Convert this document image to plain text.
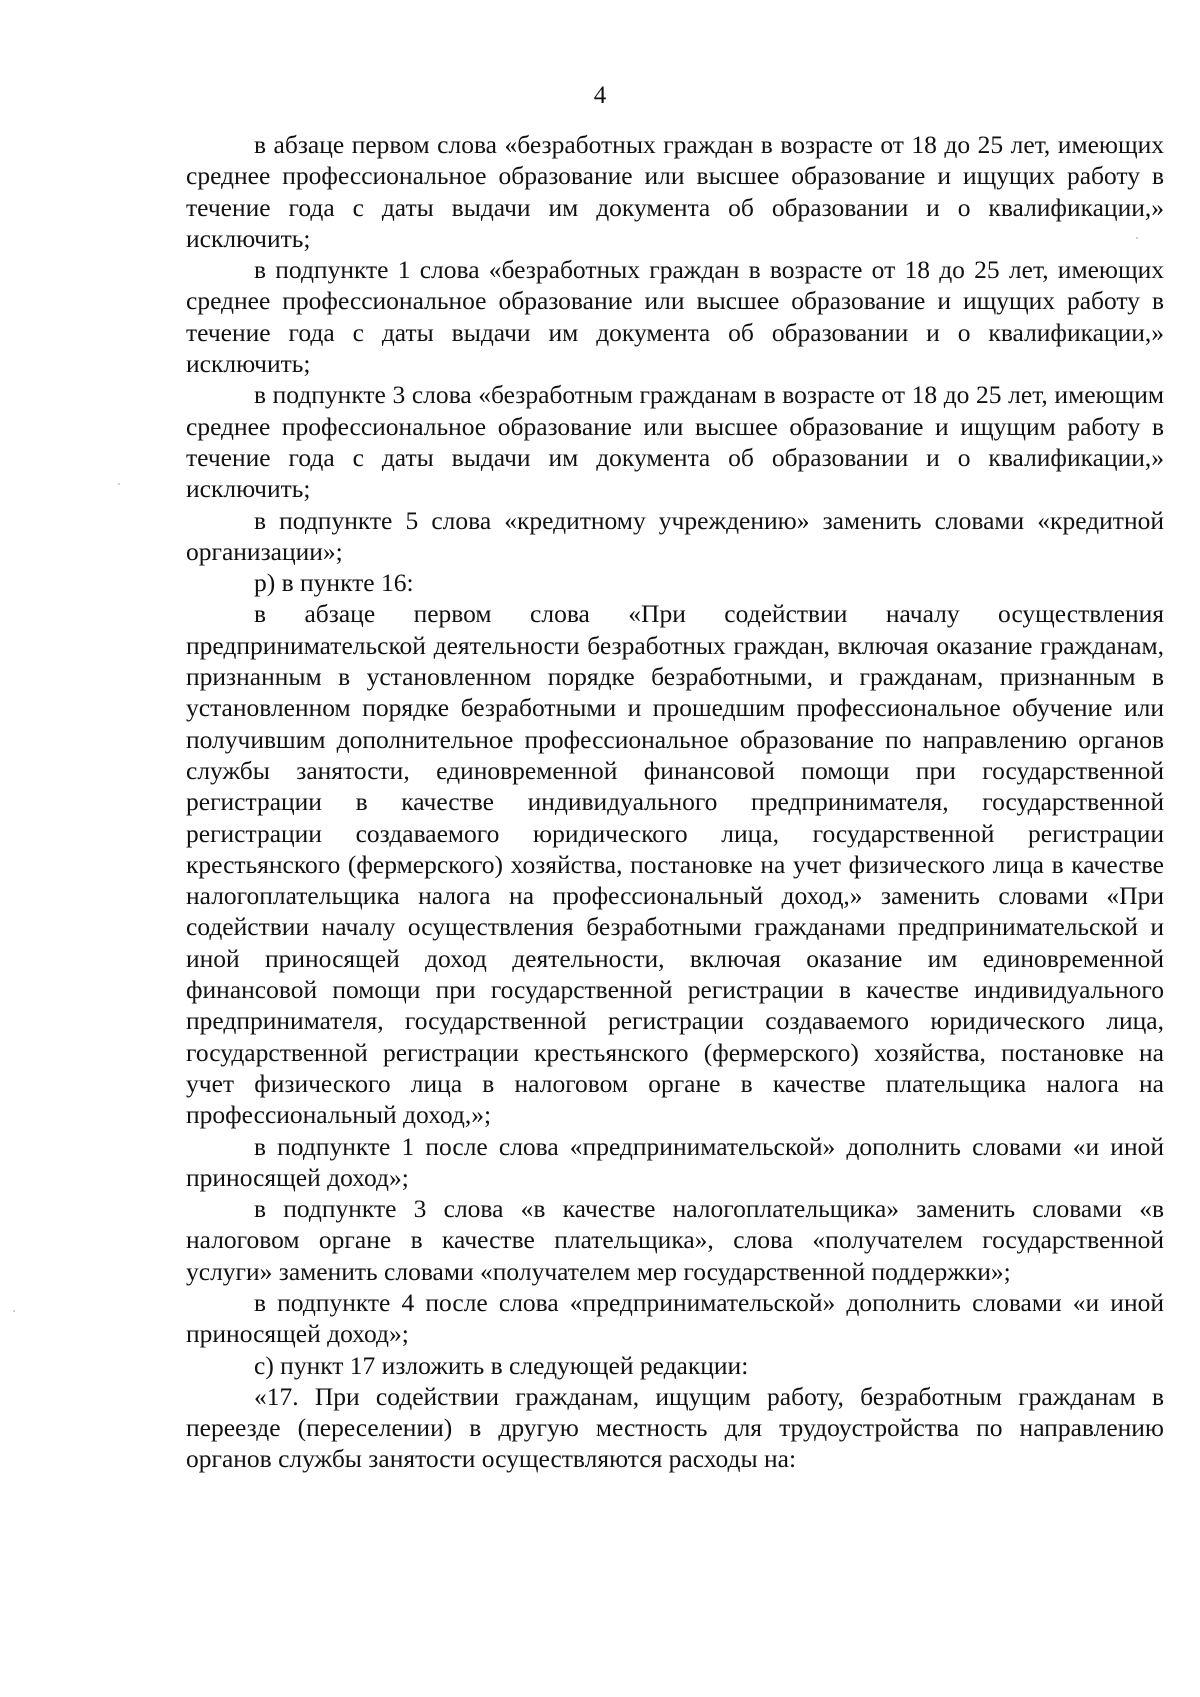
4

в абзаце первом слова «безработных граждан в возрасте от 18 до 25 лет, имеющих среднее профессиональное образование или высшее образование и ищущих работу в течение года с даты выдачи им документа об образовании и о квалификации,» исключить;

в подпункте 1 слова «безработных граждан в возрасте от 18 до 25 лет, имеющих среднее профессиональное образование или высшее образование и ищущих работу в течение года с даты выдачи им документа об образовании и о квалификации,» исключить;

в подпункте 3 слова «безработным гражданам в возрасте от 18 до 25 лет, имеющим среднее профессиональное образование или высшее образование и ищущим работу в течение года с даты выдачи им документа об образовании и о квалификации,» исключить;

в подпункте 5 слова «кредитному учреждению» заменить словами «кредитной организации»;

р) в пункте 16:

в абзаце первом слова «При содействии началу осуществления предпринимательской деятельности безработных граждан, включая оказание гражданам, признанным в установленном порядке безработными, и гражданам, признанным в установленном порядке безработными и прошедшим профессиональное обучение или получившим дополнительное профессиональное образование по направлению органов службы занятости, единовременной финансовой помощи при государственной регистрации в качестве индивидуального предпринимателя, государственной регистрации создаваемого юридического лица, государственной регистрации крестьянского (фермерского) хозяйства, постановке на учет физического лица в качестве налогоплательщика налога на профессиональный доход,» заменить словами «При содействии началу осуществления безработными гражданами предпринимательской и иной приносящей доход деятельности, включая оказание им единовременной финансовой помощи при государственной регистрации в качестве индивидуального предпринимателя, государственной регистрации создаваемого юридического лица, государственной регистрации крестьянского (фермерского) хозяйства, постановке на учет физического лица в налоговом органе в качестве плательщика налога на профессиональный доход,»;

в подпункте 1 после слова «предпринимательской» дополнить словами «и иной приносящей доход»;

в подпункте 3 слова «в качестве налогоплательщика» заменить словами «в налоговом органе в качестве плательщика», слова «получателем государственной услуги» заменить словами «получателем мер государственной поддержки»;

в подпункте 4 после слова «предпринимательской» дополнить словами «и иной приносящей доход»;

с) пункт 17 изложить в следующей редакции:

«17. При содействии гражданам, ищущим работу, безработным гражданам в переезде (переселении) в другую местность для трудоустройства по направлению органов службы занятости осуществляются расходы на:
